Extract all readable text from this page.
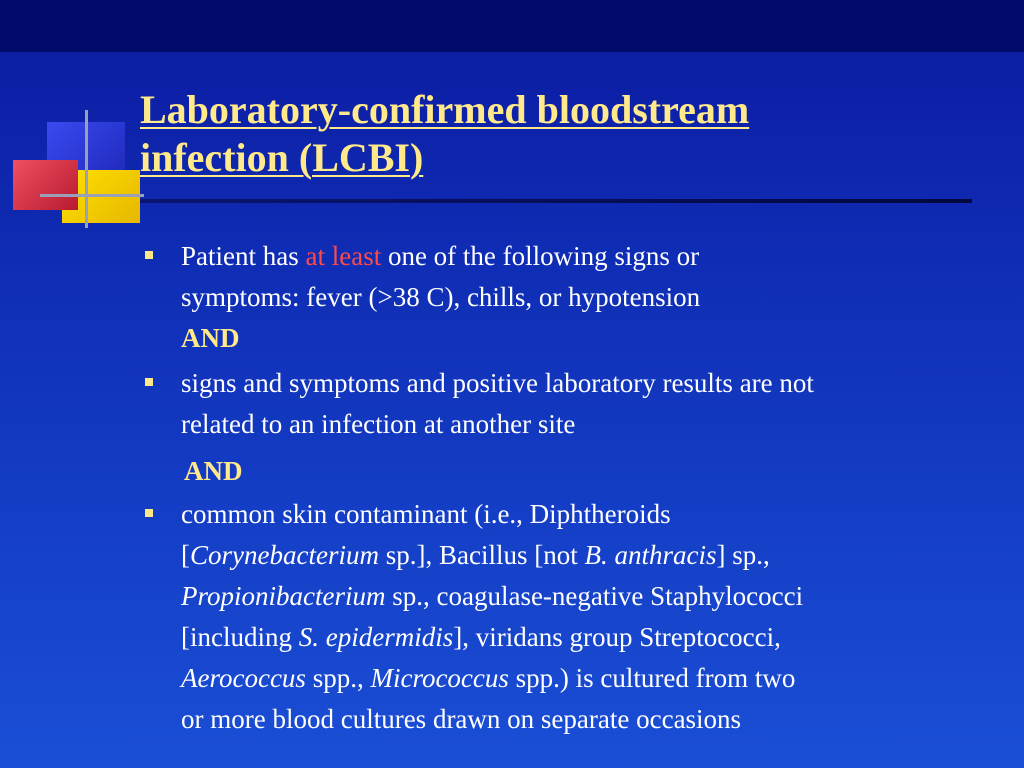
Laboratory-confirmed bloodstream
infection (LCBI)
Patient has at least one of the following signs or
symptoms: fever (>38 C), chills, or hypotension
AND
signs and symptoms and positive laboratory results are not
related to an infection at another site
AND
common skin contaminant (i.e., Diphtheroids
[Corynebacterium sp.], Bacillus [not B. anthracis] sp.,
Propionibacterium sp., coagulase-negative Staphylococci
[including S. epidermidis], viridans group Streptococci,
Aerococcus spp., Micrococcus spp.) is cultured from two
or more blood cultures drawn on separate occasions
